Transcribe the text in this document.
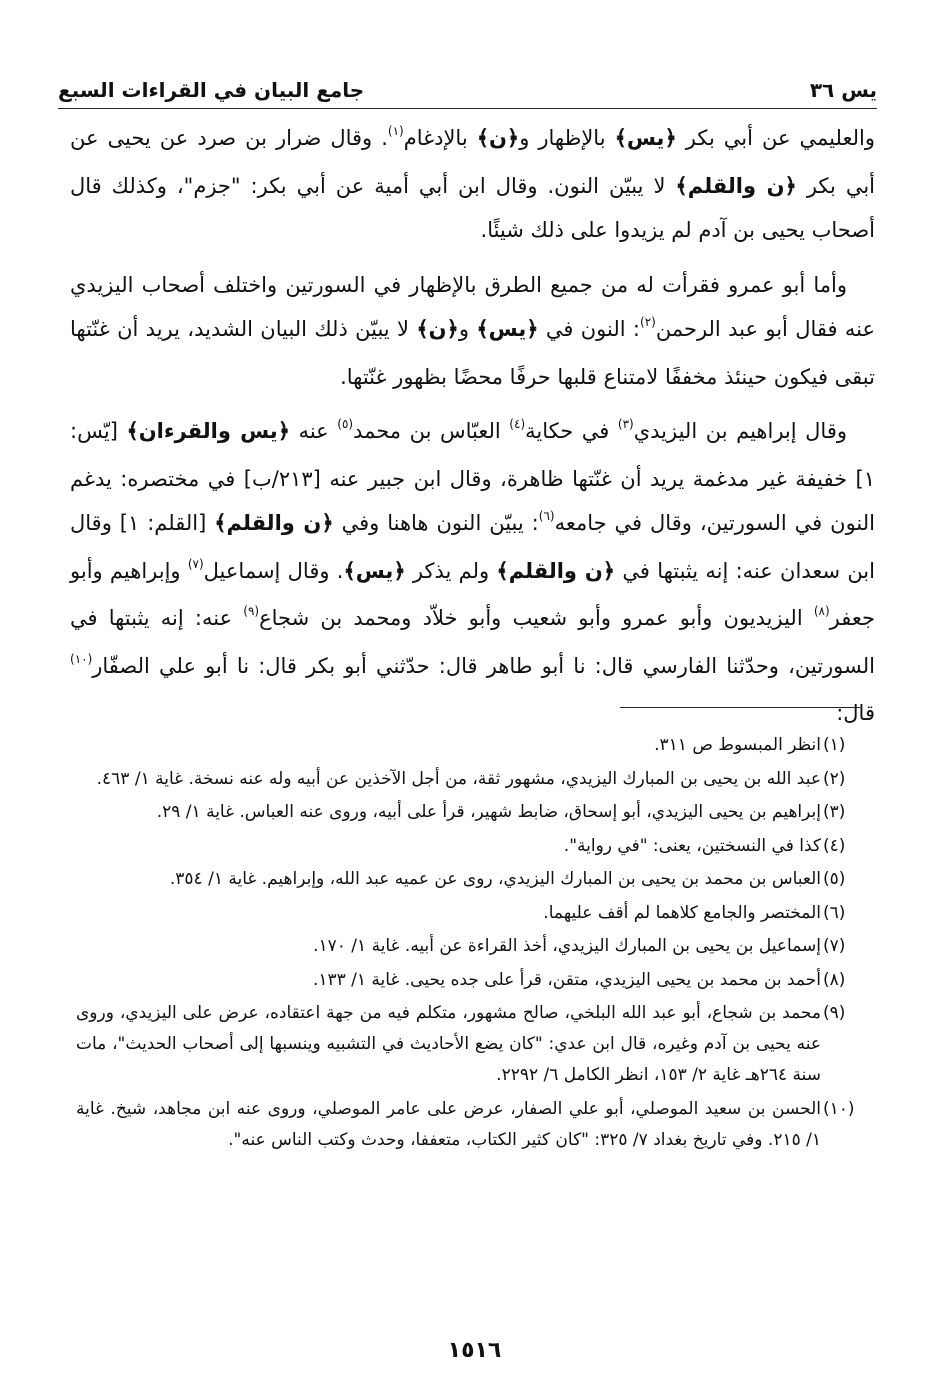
جامع البيان في القراءات السبع	يس ٣٦

والعليمي عن أبي بكر ﴿يس﴾ بالإظهار و﴿ن﴾ بالإدغام$^{(١)}$. وقال ضرار بن صرد عن يحيى عن أبي بكر ﴿ن والقلم﴾ لا يبيّن النون. وقال ابن أبي أمية عن أبي بكر: "جزم"، وكذلك قال أصحاب يحيى بن آدم لم يزيدوا على ذلك شيئًا.

وأما أبو عمرو فقرأت له من جميع الطرق بالإظهار في السورتين واختلف أصحاب اليزيدي عنه فقال أبو عبد الرحمن$^{(٢)}$: النون في ﴿يس﴾ و﴿ن﴾ لا يبيّن ذلك البيان الشديد، يريد أن غنّتها تبقى فيكون حينئذ مخففًا لامتناع قلبها حرفًا محضًا بظهور غنّتها.

وقال إبراهيم بن اليزيدي$^{(٣)}$ في حكاية$^{(٤)}$ العبّاس بن محمد$^{(٥)}$ عنه ﴿يس والقرءان﴾ [يّس: ١] خفيفة غير مدغمة يريد أن غنّتها ظاهرة، وقال ابن جبير عنه [٢١٣/ب] في مختصره: يدغم النون في السورتين، وقال في جامعه$^{(٦)}$: يبيّن النون هاهنا وفي ﴿ن والقلم﴾ [القلم: ١] وقال ابن سعدان عنه: إنه يثبتها في ﴿ن والقلم﴾ ولم يذكر ﴿يس﴾. وقال إسماعيل$^{(٧)}$ وإبراهيم وأبو جعفر$^{(٨)}$ اليزيديون وأبو عمرو وأبو شعيب وأبو خلاّد ومحمد بن شجاع$^{(٩)}$ عنه: إنه يثبتها في السورتين، وحدّثنا الفارسي قال: نا أبو طاهر قال: حدّثني أبو بكر قال: نا أبو علي الصفّار$^{(١٠)}$ قال:

(١)
انظر المبسوط ص ٣١١.
(٢)
عبد الله بن يحيى بن المبارك اليزيدي، مشهور ثقة، من أجل الآخذين عن أبيه وله عنه نسخة. غاية ١/ ٤٦٣.
(٣)
إبراهيم بن يحيى اليزيدي، أبو إسحاق، ضابط شهير، قرأ على أبيه، وروى عنه العباس. غاية ١/ ٢٩.
(٤)
كذا في النسختين، يعنى: "في رواية".
(٥)
العباس بن محمد بن يحيى بن المبارك اليزيدي، روى عن عميه عبد الله، وإبراهيم. غاية ١/ ٣٥٤.
(٦)
المختصر والجامع كلاهما لم أقف عليهما.
(٧)
إسماعيل بن يحيى بن المبارك اليزيدي، أخذ القراءة عن أبيه. غاية ١/ ١٧٠.
(٨)
أحمد بن محمد بن يحيى اليزيدي، متقن، قرأ على جده يحيى. غاية ١/ ١٣٣.
(٩)
محمد بن شجاع، أبو عبد الله البلخي، صالح مشهور، متكلم فيه من جهة اعتقاده، عرض على اليزيدي، وروى عنه يحيى بن آدم وغيره، قال ابن عدي: "كان يضع الأحاديث في التشبيه وينسبها إلى أصحاب الحديث"، مات سنة ٢٦٤هـ غاية ٢/ ١٥٣، انظر الكامل ٦/ ٢٢٩٢.
(١٠)
الحسن بن سعيد الموصلي، أبو علي الصفار، عرض على عامر الموصلي، وروى عنه ابن مجاهد، شيخ. غاية ١/ ٢١٥. وفي تاريخ بغداد ٧/ ٣٢٥: "كان كثير الكتاب، متعففا، وحدث وكتب الناس عنه".
١٥١٦
